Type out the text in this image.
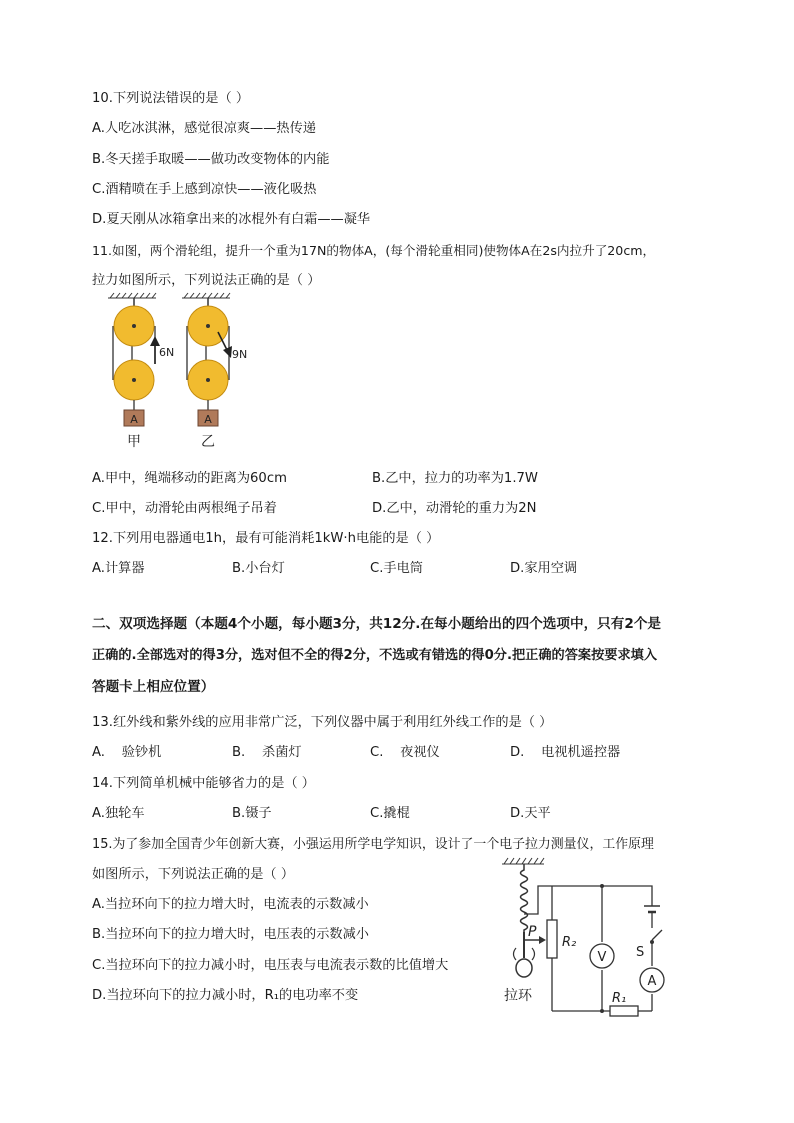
10.下列说法错误的是（ ）
A.人吃冰淇淋，感觉很凉爽——热传递
B.冬天搓手取暖——做功改变物体的内能
C.酒精喷在手上感到凉快——液化吸热
D.夏天刚从冰箱拿出来的冰棍外有白霜——凝华
11.如图，两个滑轮组，提升一个重为17N的物体A，(每个滑轮重相同)使物体A在2s内拉升了20cm，
拉力如图所示，下列说法正确的是（ ）
A
6N
甲
A
9N
乙
A.甲中，绳端移动的距离为60cm	B.乙中，拉力的功率为1.7W
C.甲中，动滑轮由两根绳子吊着	D.乙中，动滑轮的重力为2N
12.下列用电器通电1h，最有可能消耗1kW·h电能的是（ ）
A.计算器	B.小台灯	C.手电筒	D.家用空调
二、双项选择题（本题4个小题，每小题3分，共12分.在每小题给出的四个选项中，只有2个是
正确的.全部选对的得3分，选对但不全的得2分，不选或有错选的得0分.把正确的答案按要求填入
答题卡上相应位置）
13.红外线和紫外线的应用非常广泛，下列仪器中属于利用红外线工作的是（ ）
A.    验钞机	B.    杀菌灯	C.    夜视仪	D.    电视机遥控器
14.下列简单机械中能够省力的是（ ）
A.独轮车	B.镊子	C.撬棍	D.天平
15.为了参加全国青少年创新大赛，小强运用所学电学知识，设计了一个电子拉力测量仪，工作原理
如图所示，下列说法正确的是（ ）
A.当拉环向下的拉力增大时，电流表的示数减小
B.当拉环向下的拉力增大时，电压表的示数减小
C.当拉环向下的拉力减小时，电压表与电流表示数的比值增大
D.当拉环向下的拉力减小时，R₁的电功率不变
P
拉环
R₂
V S
A
R₁
